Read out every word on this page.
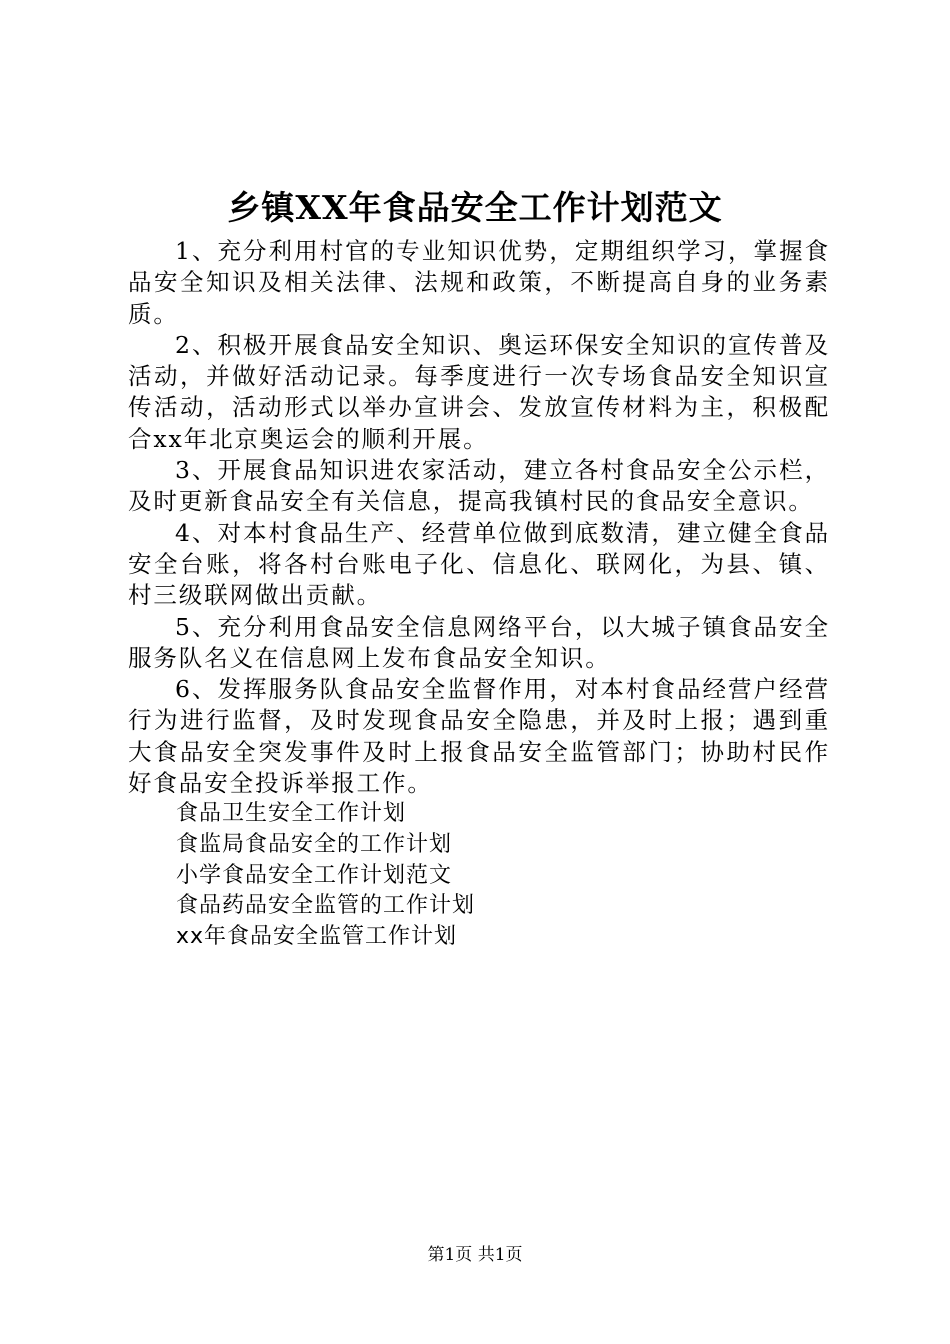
乡镇XX年食品安全工作计划范文

1、充分利用村官的专业知识优势，定期组织学习，掌握食品安全知识及相关法律、法规和政策，不断提高自身的业务素质。

2、积极开展食品安全知识、奥运环保安全知识的宣传普及活动，并做好活动记录。每季度进行一次专场食品安全知识宣传活动，活动形式以举办宣讲会、发放宣传材料为主，积极配合xx年北京奥运会的顺利开展。

3、开展食品知识进农家活动，建立各村食品安全公示栏，及时更新食品安全有关信息，提高我镇村民的食品安全意识。

4、对本村食品生产、经营单位做到底数清，建立健全食品安全台账，将各村台账电子化、信息化、联网化，为县、镇、村三级联网做出贡献。

5、充分利用食品安全信息网络平台，以大城子镇食品安全服务队名义在信息网上发布食品安全知识。

6、发挥服务队食品安全监督作用，对本村食品经营户经营行为进行监督，及时发现食品安全隐患，并及时上报；遇到重大食品安全突发事件及时上报食品安全监管部门；协助村民作好食品安全投诉举报工作。

食品卫生安全工作计划
食监局食品安全的工作计划
小学食品安全工作计划范文
食品药品安全监管的工作计划
xx年食品安全监管工作计划
第1页 共1页
